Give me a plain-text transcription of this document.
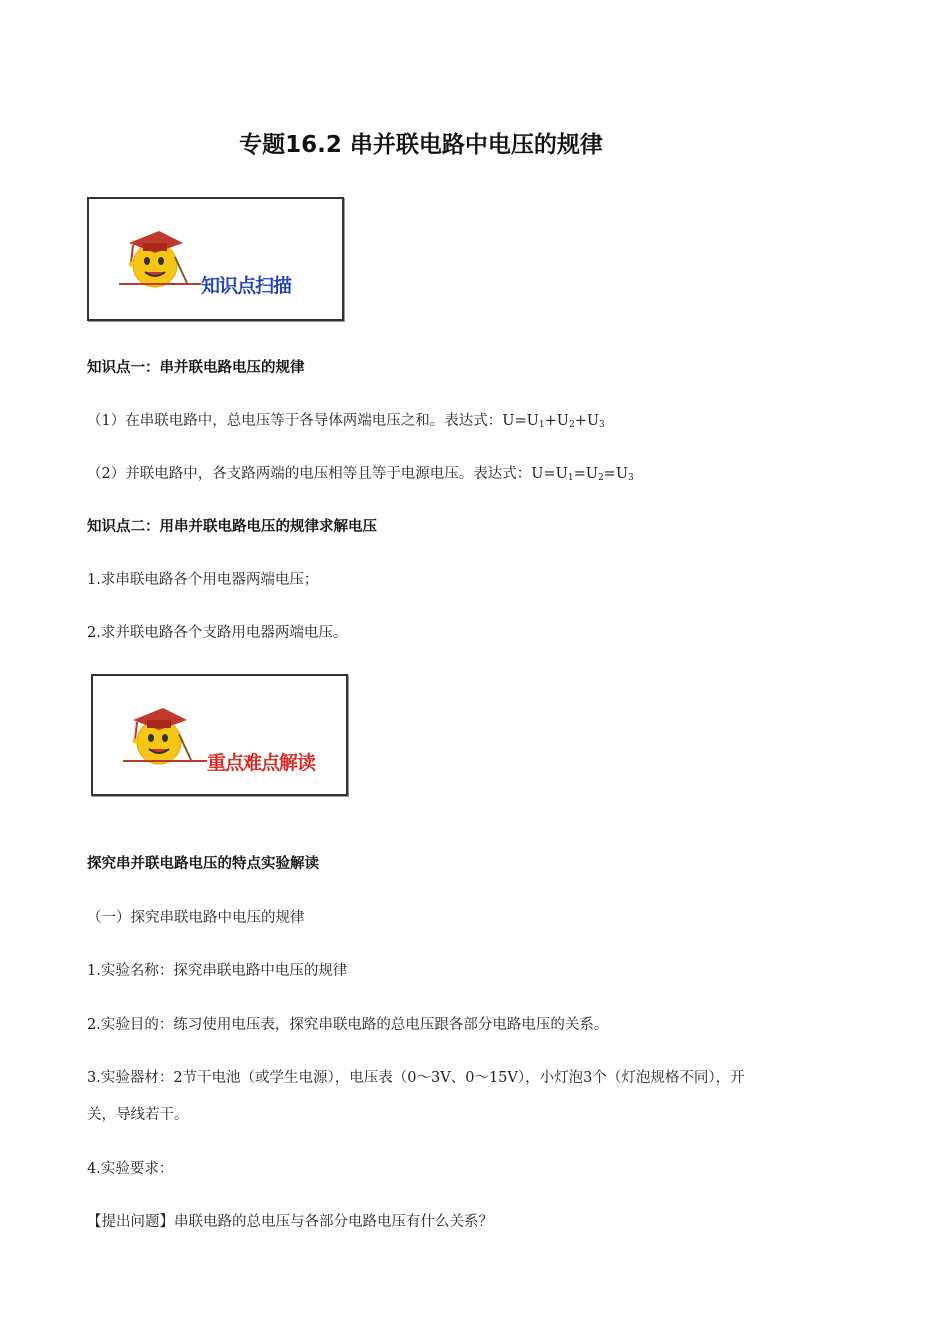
专题16.2 串并联电路中电压的规律
知识点扫描
知识点一：串并联电路电压的规律
（1）在串联电路中，总电压等于各导体两端电压之和。表达式：$U=U_1+U_2+U_3$
（2）并联电路中，各支路两端的电压相等且等于电源电压。表达式：$U=U_1=U_2=U_3$
知识点二：用串并联电路电压的规律求解电压
1.求串联电路各个用电器两端电压；
2.求并联电路各个支路用电器两端电压。
重点难点解读
探究串并联电路电压的特点实验解读
（一）探究串联电路中电压的规律
1.实验名称：探究串联电路中电压的规律
2.实验目的：练习使用电压表，探究串联电路的总电压跟各部分电路电压的关系。
3.实验器材：2节干电池（或学生电源），电压表（0～3V、0～15V），小灯泡3个（灯泡规格不同），开
关，导线若干。
4.实验要求：
【提出问题】串联电路的总电压与各部分电路电压有什么关系？
